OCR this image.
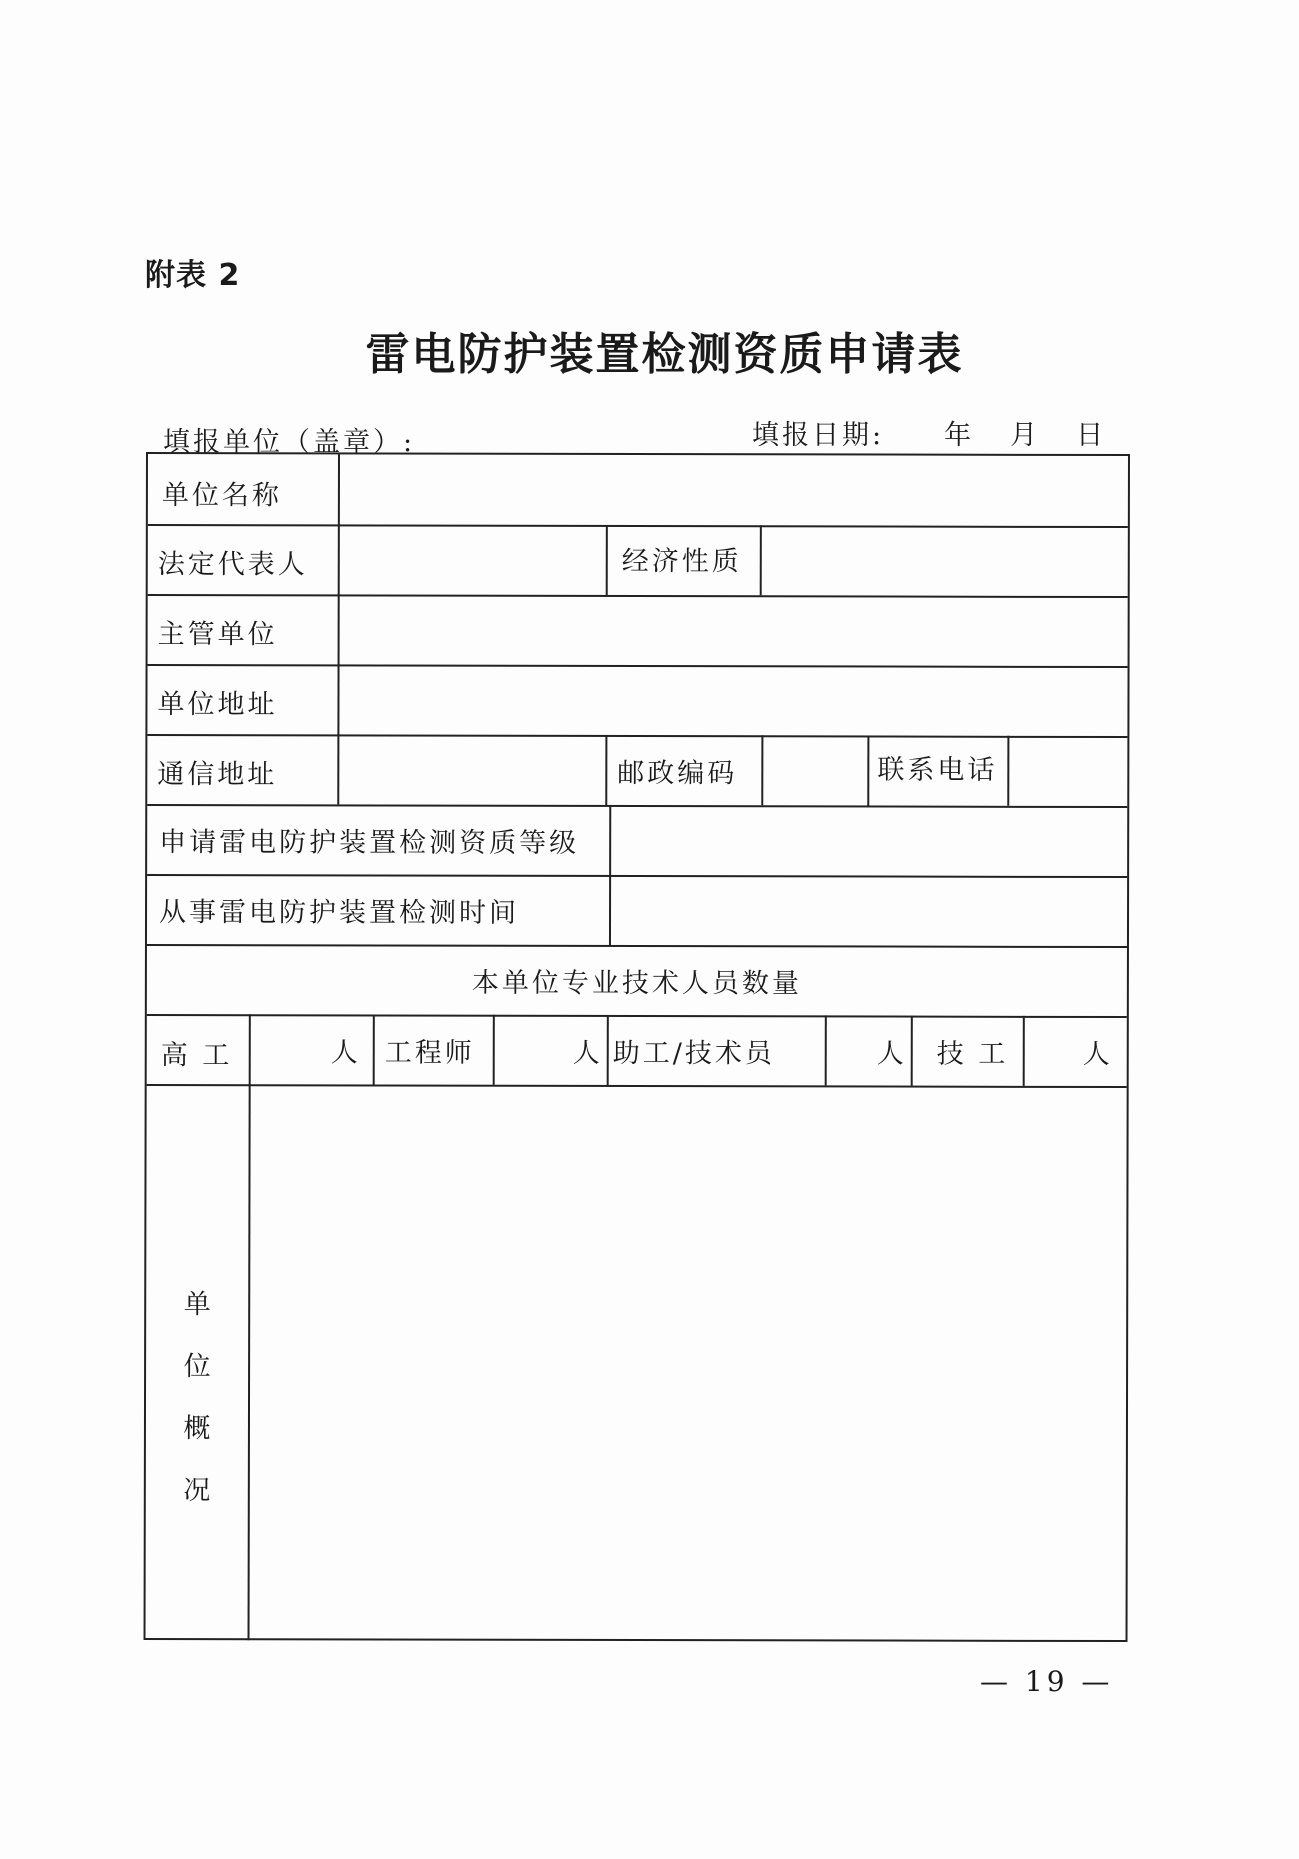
附表 2
雷电防护装置检测资质申请表
填报单位（盖章）:	填报日期: 年 月 日
单位名称
法定代表人	经济性质
主管单位
单位地址
通信地址	邮政编码	联系电话
申请雷电防护装置检测资质等级
从事雷电防护装置检测时间
本单位专业技术人员数量
高 工	人 工程师	人 助工/技术员	人 技 工	人
单
位
概
况
— 19 —
